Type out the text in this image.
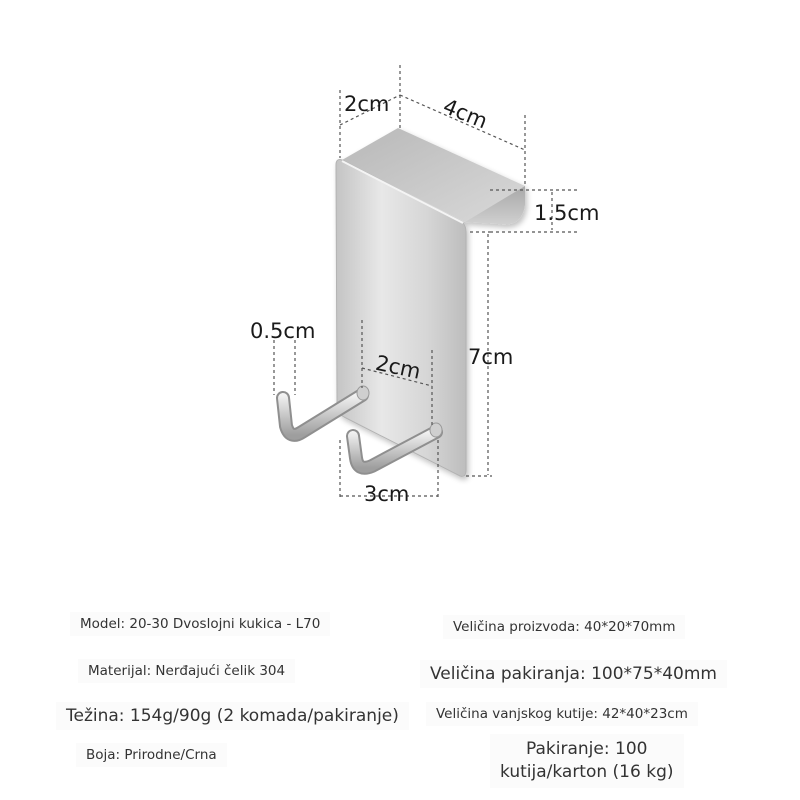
2cm 4cm
1.5cm
7cm
0.5cm
2cm
3cm
Model: 20-30 Dvoslojni kukica - L70
Materijal: Nerđajući čelik 304
Težina: 154g/90g (2 komada/pakiranje)
Boja: Prirodne/Crna
Veličina proizvoda: 40*20*70mm
Veličina pakiranja: 100*75*40mm
Veličina vanjskog kutije: 42*40*23cm
Pakiranje: 100
kutija/karton (16 kg)
